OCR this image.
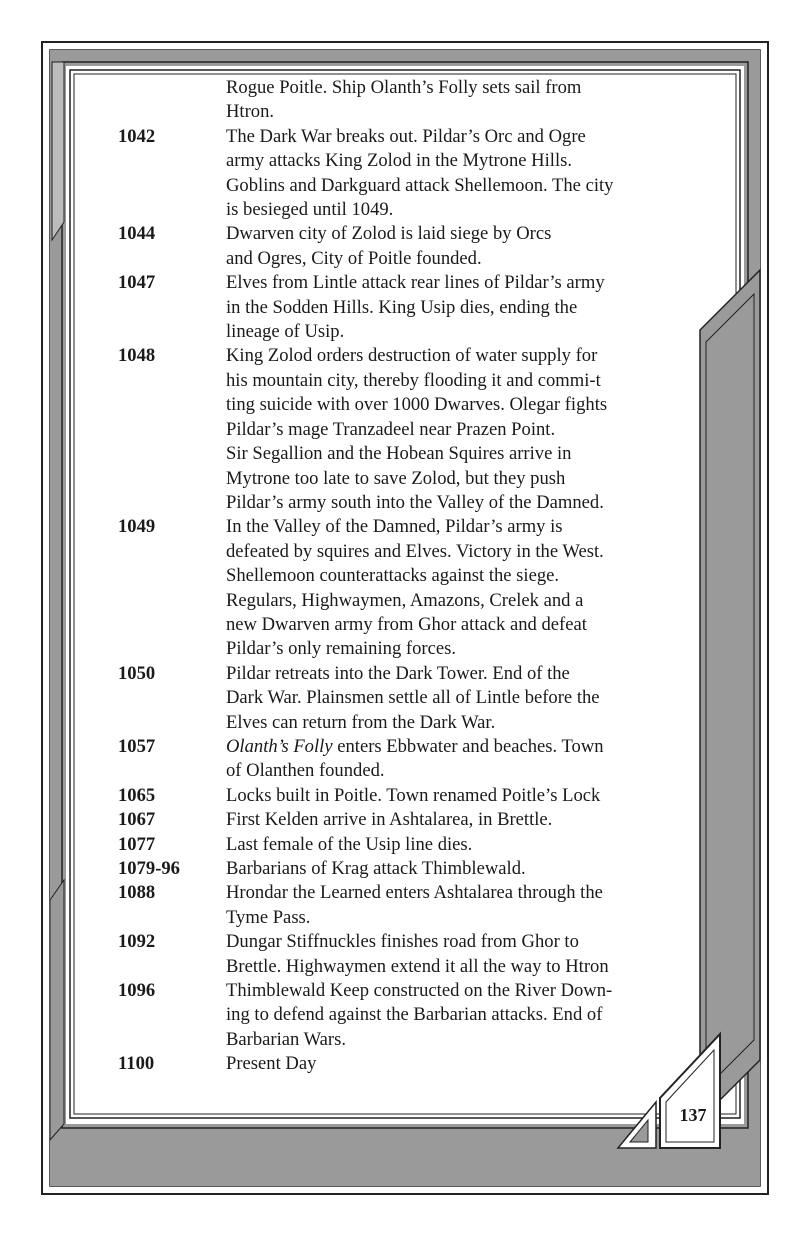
Rogue Poitle. Ship Olanth’s Folly sets sail from
Htron.
1042	The Dark War breaks out. Pildar’s Orc and Ogre
army attacks King Zolod in the Mytrone Hills.
Goblins and Darkguard attack Shellemoon. The city
is besieged until 1049.
1044	Dwarven city of Zolod is laid siege by Orcs
and Ogres, City of Poitle founded.
1047	Elves from Lintle attack rear lines of Pildar’s army
in the Sodden Hills. King Usip dies, ending the
lineage of Usip.
1048	King Zolod orders destruction of water supply for
his mountain city, thereby flooding it and commi-t
ting suicide with over 1000 Dwarves. Olegar fights
Pildar’s mage Tranzadeel near Prazen Point.
Sir Segallion and the Hobean Squires arrive in
Mytrone too late to save Zolod, but they push
Pildar’s army south into the Valley of the Damned.
1049	In the Valley of the Damned, Pildar’s army is
defeated by squires and Elves. Victory in the West.
Shellemoon counterattacks against the siege.
Regulars, Highwaymen, Amazons, Crelek and a
new Dwarven army from Ghor attack and defeat
Pildar’s only remaining forces.
1050	Pildar retreats into the Dark Tower. End of the
Dark War. Plainsmen settle all of Lintle before the
Elves can return from the Dark War.
1057	Olanth’s Folly enters Ebbwater and beaches. Town
of Olanthen founded.
1065	Locks built in Poitle. Town renamed Poitle’s Lock
1067	First Kelden arrive in Ashtalarea, in Brettle.
1077	Last female of the Usip line dies.
1079-96	Barbarians of Krag attack Thimblewald.
1088	Hrondar the Learned enters Ashtalarea through the
Tyme Pass.
1092	Dungar Stiffnuckles finishes road from Ghor to
Brettle. Highwaymen extend it all the way to Htron
1096	Thimblewald Keep constructed on the River Down-
ing to defend against the Barbarian attacks. End of
Barbarian Wars.
1100	Present Day
137
